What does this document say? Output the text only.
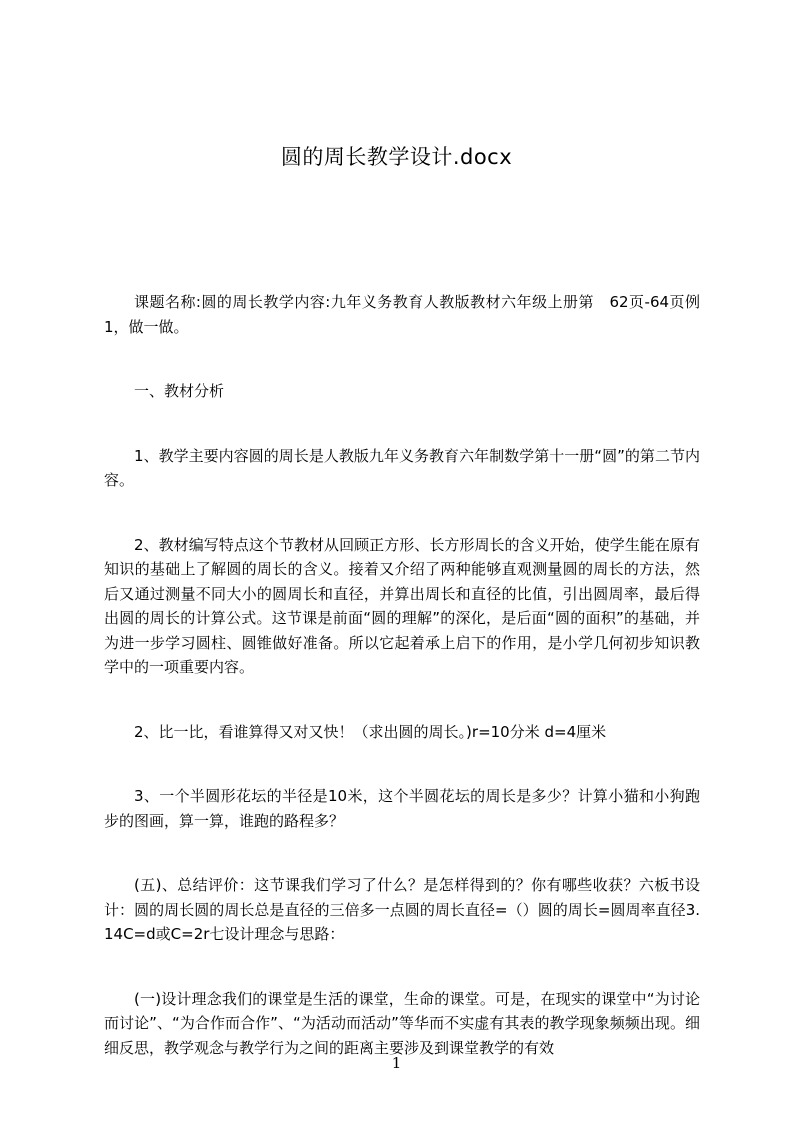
圆的周长教学设计.docx

课题名称:圆的周长教学内容:九年义务教育人教版教材六年级上册第　62页-64页例1，做一做。

一、教材分析

1、教学主要内容圆的周长是人教版九年义务教育六年制数学第十一册“圆”的第二节内容。

2、教材编写特点这个节教材从回顾正方形、长方形周长的含义开始，使学生能在原有知识的基础上了解圆的周长的含义。接着又介绍了两种能够直观测量圆的周长的方法，然后又通过测量不同大小的圆周长和直径，并算出周长和直径的比值，引出圆周率，最后得出圆的周长的计算公式。这节课是前面“圆的理解”的深化，是后面“圆的面积”的基础，并为进一步学习圆柱、圆锥做好准备。所以它起着承上启下的作用，是小学几何初步知识教学中的一项重要内容。

2、比一比，看谁算得又对又快！（求出圆的周长。)r=10分米 d=4厘米

3、一个半圆形花坛的半径是10米，这个半圆花坛的周长是多少？计算小猫和小狗跑步的图画，算一算，谁跑的路程多？

(五)、总结评价：这节课我们学习了什么？是怎样得到的？你有哪些收获？六板书设计：圆的周长圆的周长总是直径的三倍多一点圆的周长直径=（）圆的周长=圆周率直径3.14C=d或C=2r七设计理念与思路：

(一)设计理念我们的课堂是生活的课堂，生命的课堂。可是，在现实的课堂中“为讨论而讨论”、“为合作而合作”、“为活动而活动”等华而不实虚有其表的教学现象频频出现。细细反思，教学观念与教学行为之间的距离主要涉及到课堂教学的有效

1
